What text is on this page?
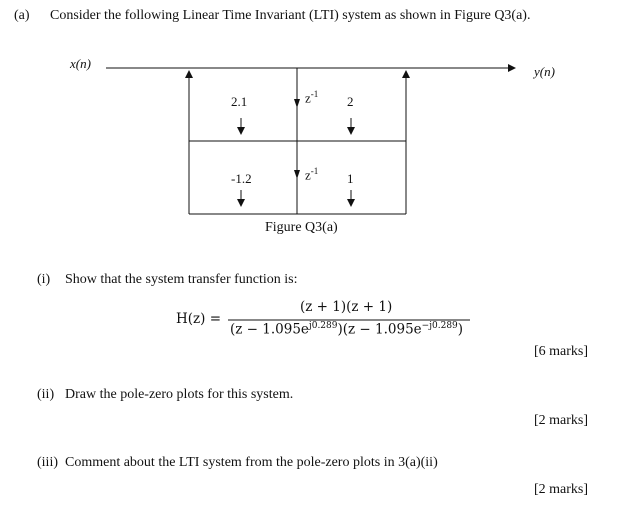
(a) Consider the following Linear Time Invariant (LTI) system as shown in Figure Q3(a).
x(n)
y(n)
2.1	$z^{-1}$ 2
-1.2	$z^{-1}$ 1
Figure Q3(a)
(i) Show that the system transfer function is:
H(z) =
(z + 1)(z + 1)
$(z - 1.095e^{j0.289})(z - 1.095e^{-j0.289})$
[6 marks]
(ii) Draw the pole-zero plots for this system.
[2 marks]
(iii) Comment about the LTI system from the pole-zero plots in 3(a)(ii)
[2 marks]
